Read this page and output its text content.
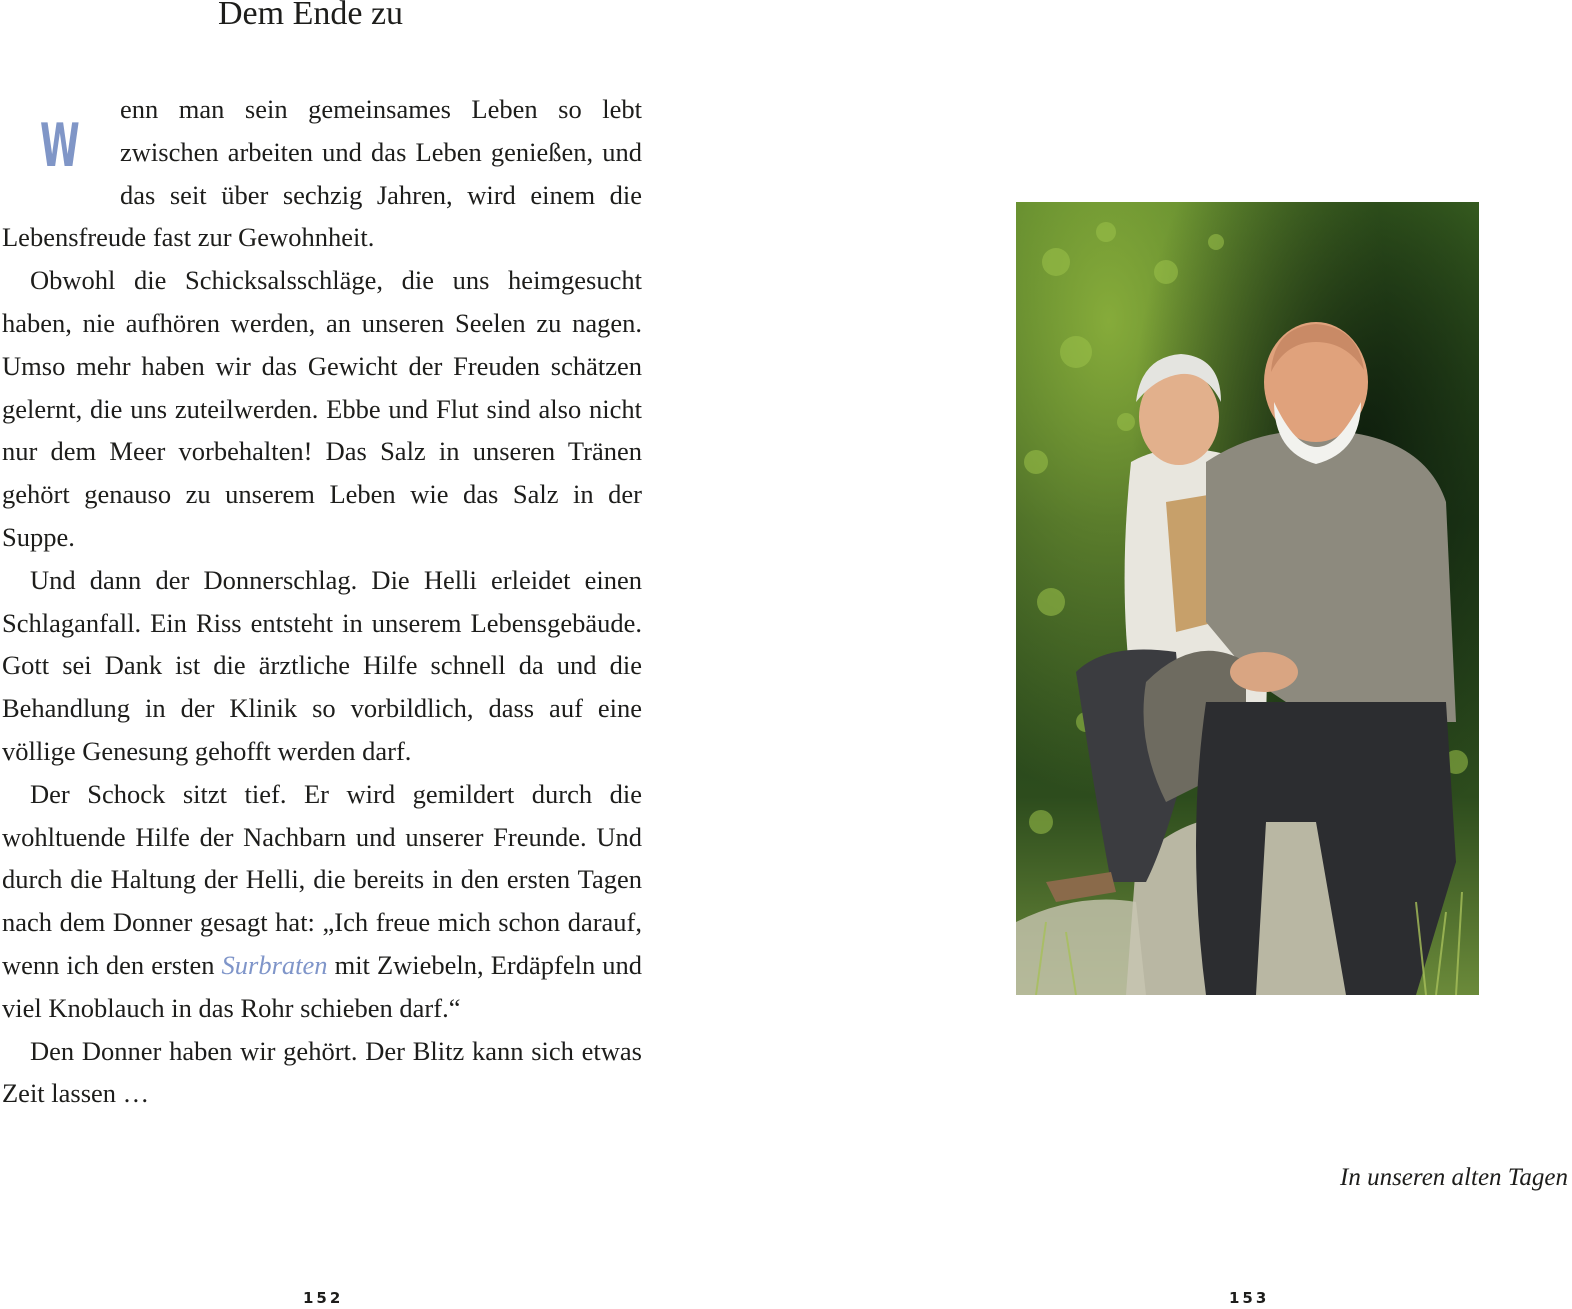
Dem Ende zu

W
enn man sein gemeinsames Leben so lebt zwischen arbeiten und das Leben genießen, und das seit über sechzig Jahren, wird einem die Lebensfreude fast zur Gewohnheit.

Obwohl die Schicksalsschläge, die uns heimgesucht haben, nie aufhören werden, an unseren Seelen zu nagen. Umso mehr haben wir das Gewicht der Freuden schätzen gelernt, die uns zuteilwerden. Ebbe und Flut sind also nicht nur dem Meer vorbehalten! Das Salz in unseren Tränen gehört genauso zu unserem Leben wie das Salz in der Suppe.

Und dann der Donnerschlag. Die Helli erleidet einen Schlaganfall. Ein Riss entsteht in unserem Lebensgebäude. Gott sei Dank ist die ärztliche Hilfe schnell da und die Behandlung in der Klinik so vorbildlich, dass auf eine völlige Genesung gehofft werden darf.

Der Schock sitzt tief. Er wird gemildert durch die wohltuende Hilfe der Nachbarn und unserer Freunde. Und durch die Haltung der Helli, die bereits in den ersten Tagen nach dem Donner gesagt hat: „Ich freue mich schon darauf, wenn ich den ersten Surbraten mit Zwiebeln, Erdäpfeln und viel Knoblauch in das Rohr schieben darf.“

Den Donner haben wir gehört. Der Blitz kann sich etwas Zeit lassen …

152

In unseren alten Tagen

153
